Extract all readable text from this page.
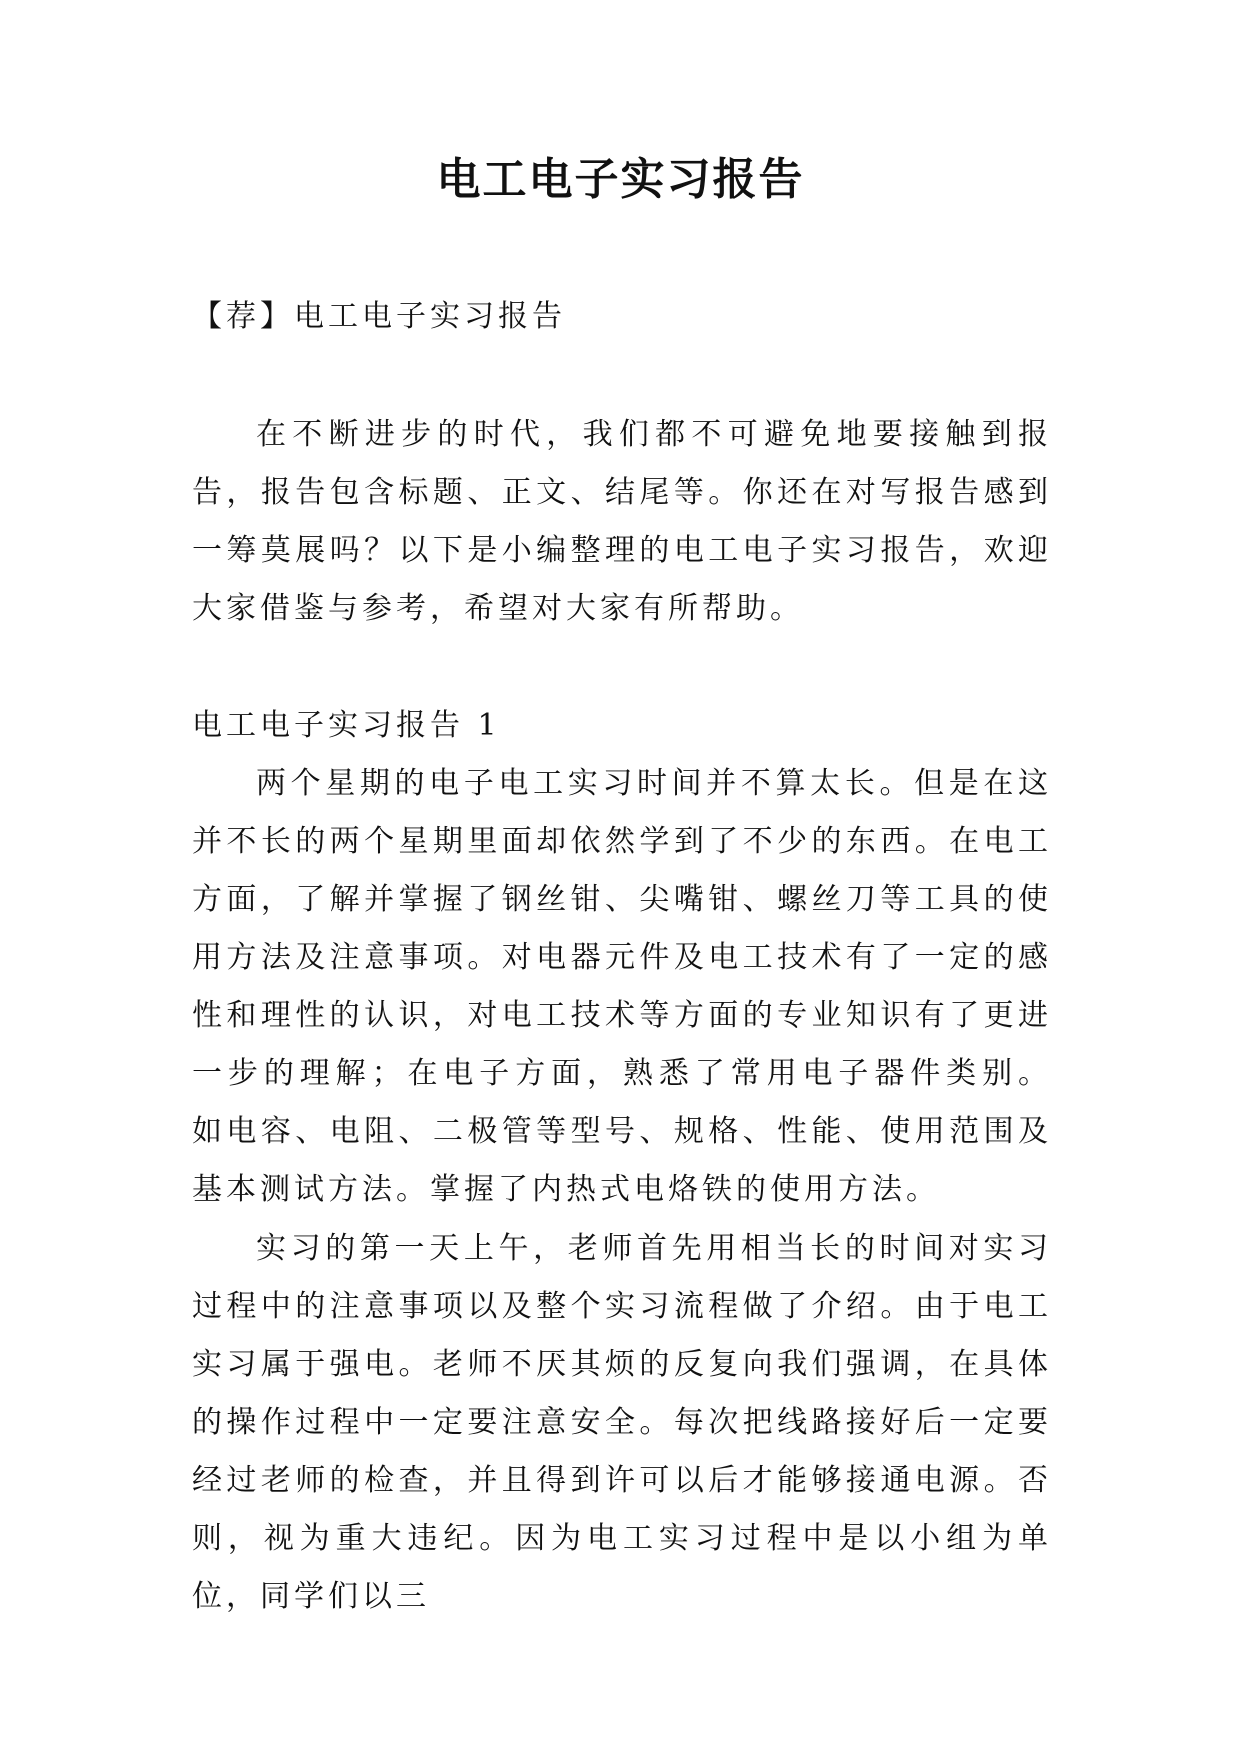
电工电子实习报告
【荐】电工电子实习报告
在不断进步的时代，我们都不可避免地要接触到报告，报告包含标题、正文、结尾等。你还在对写报告感到一筹莫展吗？以下是小编整理的电工电子实习报告，欢迎大家借鉴与参考，希望对大家有所帮助。
电工电子实习报告 1
两个星期的电子电工实习时间并不算太长。但是在这并不长的两个星期里面却依然学到了不少的东西。在电工方面，了解并掌握了钢丝钳、尖嘴钳、螺丝刀等工具的使用方法及注意事项。对电器元件及电工技术有了一定的感性和理性的认识，对电工技术等方面的专业知识有了更进一步的理解；在电子方面，熟悉了常用电子器件类别。 如电容、电阻、二极管等型号、规格、性能、使用范围及基本测试方法。掌握了内热式电烙铁的使用方法。
实习的第一天上午，老师首先用相当长的时间对实习过程中的注意事项以及整个实习流程做了介绍。由于电工实习属于强电。老师不厌其烦的反复向我们强调，在具体的操作过程中一定要注意安全。每次把线路接好后一定要经过老师的检查，并且得到许可以后才能够接通电源。否则，视为重大违纪。因为电工实习过程中是以小组为单位，同学们以三
